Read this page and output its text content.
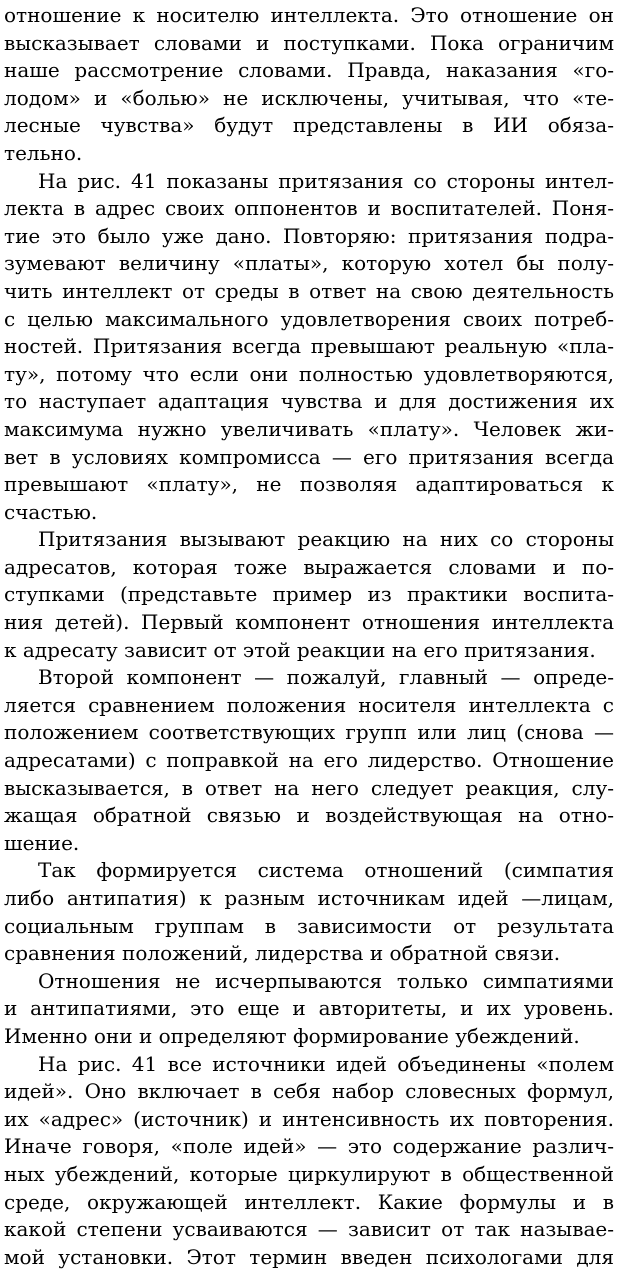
отношение к носителю интеллекта. Это отношение он
высказывает словами и поступками. Пока ограничим
наше рассмотрение словами. Правда, наказания «го-
лодом» и «болью» не исключены, учитывая, что «те-
лесные чувства» будут представлены в ИИ обяза-
тельно.
На рис. 41 показаны притязания со стороны интел-
лекта в адрес своих оппонентов и воспитателей. Поня-
тие это было уже дано. Повторяю: притязания подра-
зумевают величину «платы», которую хотел бы полу-
чить интеллект от среды в ответ на свою деятельность
с целью максимального удовлетворения своих потреб-
ностей. Притязания всегда превышают реальную «пла-
ту», потому что если они полностью удовлетворяются,
то наступает адаптация чувства и для достижения их
максимума нужно увеличивать «плату». Человек жи-
вет в условиях компромисса — его притязания всегда
превышают «плату», не позволяя адаптироваться к
счастью.
Притязания вызывают реакцию на них со стороны
адресатов, которая тоже выражается словами и по-
ступками (представьте пример из практики воспита-
ния детей). Первый компонент отношения интеллекта
к адресату зависит от этой реакции на его притязания.
Второй компонент — пожалуй, главный — опреде-
ляется сравнением положения носителя интеллекта с
положением соответствующих групп или лиц (снова —
адресатами) с поправкой на его лидерство. Отношение
высказывается, в ответ на него следует реакция, слу-
жащая обратной связью и воздействующая на отно-
шение.
Так формируется система отношений (симпатия
либо антипатия) к разным источникам идей —лицам,
социальным группам в зависимости от результата
сравнения положений, лидерства и обратной связи.
Отношения не исчерпываются только симпатиями
и антипатиями, это еще и авторитеты, и их уровень.
Именно они и определяют формирование убеждений.
На рис. 41 все источники идей объединены «полем
идей». Оно включает в себя набор словесных формул,
их «адрес» (источник) и интенсивность их повторения.
Иначе говоря, «поле идей» — это содержание различ-
ных убеждений, которые циркулируют в общественной
среде, окружающей интеллект. Какие формулы и в
какой степени усваиваются — зависит от так называе-
мой установки. Этот термин введен психологами для
